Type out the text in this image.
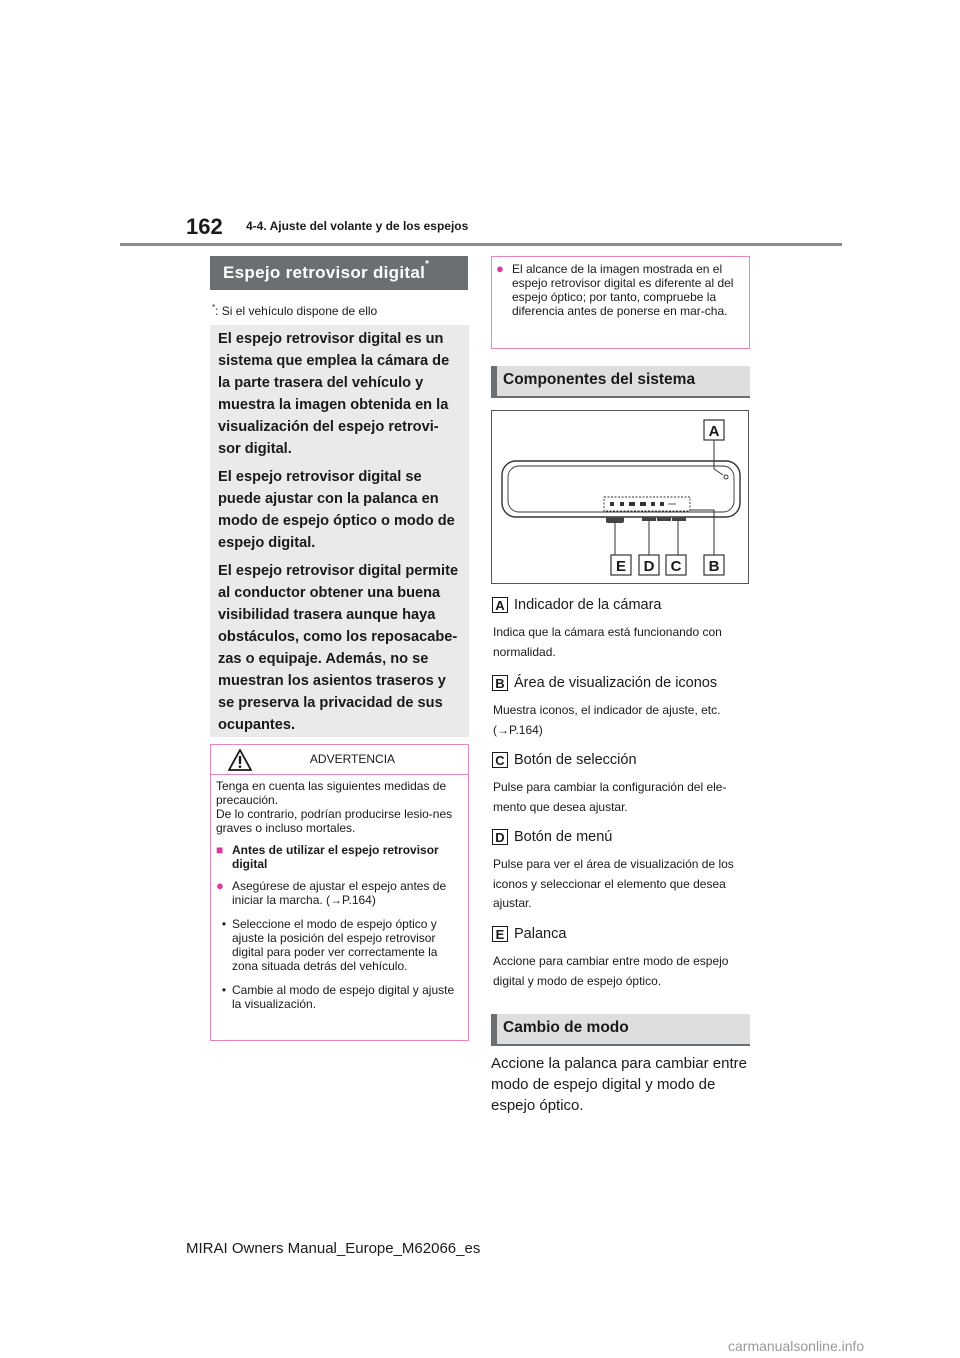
162 4-4. Ajuste del volante y de los espejos
Espejo retrovisor digital*
*: Si el vehículo dispone de ello

El espejo retrovisor digital es un sistema que emplea la cámara de la parte trasera del vehículo y muestra la imagen obtenida en la visualización del espejo retrovi-sor digital.

El espejo retrovisor digital se puede ajustar con la palanca en modo de espejo óptico o modo de espejo digital.

El espejo retrovisor digital permite al conductor obtener una buena visibilidad trasera aunque haya obstáculos, como los reposacabe-zas o equipaje. Además, no se muestran los asientos traseros y se preserva la privacidad de sus ocupantes.

ADVERTENCIA

Tenga en cuenta las siguientes medidas de precaución.
De lo contrario, podrían producirse lesio-nes graves o incluso mortales.

■ Antes de utilizar el espejo retrovisor digital
● Asegúrese de ajustar el espejo antes de iniciar la marcha. (→P.164)
• Seleccione el modo de espejo óptico y ajuste la posición del espejo retrovisor digital para poder ver correctamente la zona situada detrás del vehículo.
• Cambie al modo de espejo digital y ajuste la visualización.
● El alcance de la imagen mostrada en el espejo retrovisor digital es diferente al del espejo óptico; por tanto, compruebe la diferencia antes de ponerse en mar-cha.
Componentes del sistema
A
B
C
D
E
A Indicador de la cámara
Indica que la cámara está funcionando con normalidad.
B Área de visualización de iconos
Muestra iconos, el indicador de ajuste, etc. (→P.164)
C Botón de selección
Pulse para cambiar la configuración del ele-mento que desea ajustar.
D Botón de menú
Pulse para ver el área de visualización de los iconos y seleccionar el elemento que desea ajustar.
E Palanca
Accione para cambiar entre modo de espejo digital y modo de espejo óptico.
Cambio de modo
Accione la palanca para cambiar entre modo de espejo digital y modo de espejo óptico.
MIRAI Owners Manual_Europe_M62066_es
carmanualsonline.info
